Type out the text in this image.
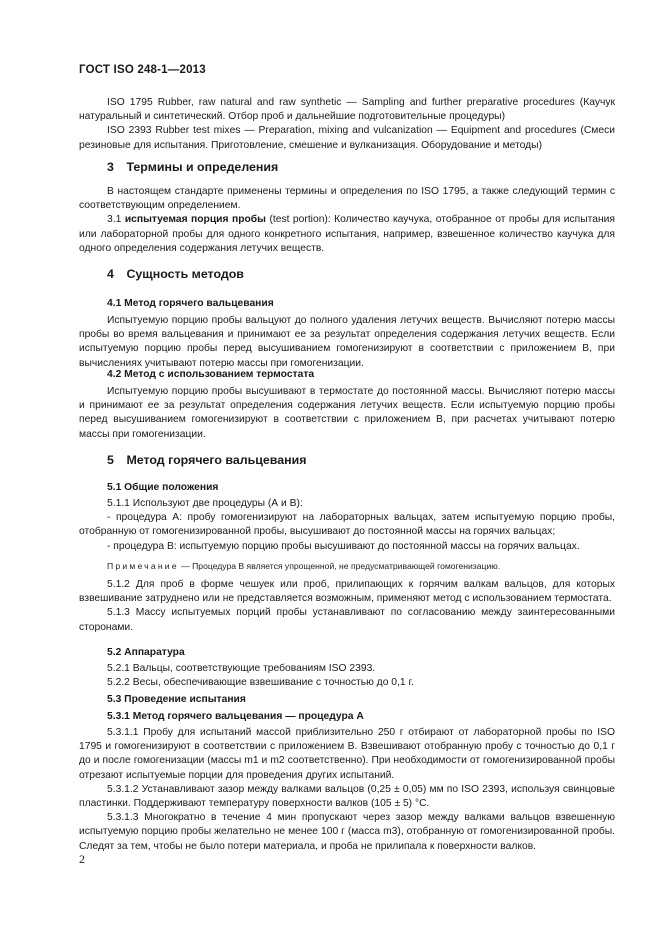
ГОСТ ISO 248-1—2013

ISO 1795 Rubber, raw natural and raw synthetic — Sampling and further preparative procedures (Каучук натуральный и синтетический. Отбор проб и дальнейшие подготовительные процедуры)

ISO 2393 Rubber test mixes — Preparation, mixing and vulcanization — Equipment and procedures (Смеси резиновые для испытания. Приготовление, смешение и вулканизация. Оборудование и методы)

3 Термины и определения

В настоящем стандарте применены термины и определения по ISO 1795, а также следующий термин с соответствующим определением.

3.1 испытуемая порция пробы (test portion): Количество каучука, отобранное от пробы для испытания или лабораторной пробы для одного конкретного испытания, например, взвешенное количество каучука для одного определения содержания летучих веществ.

4 Сущность методов
4.1 Метод горячего вальцевания

Испытуемую порцию пробы вальцуют до полного удаления летучих веществ. Вычисляют потерю массы пробы во время вальцевания и принимают ее за результат определения содержания летучих веществ. Если испытуемую порцию пробы перед высушиванием гомогенизируют в соответствии с приложением В, при вычислениях учитывают потерю массы при гомогенизации.

4.2 Метод с использованием термостата

Испытуемую порцию пробы высушивают в термостате до постоянной массы. Вычисляют потерю массы и принимают ее за результат определения содержания летучих веществ. Если испытуемую порцию пробы перед высушиванием гомогенизируют в соответствии с приложением В, при расчетах учитывают потерю массы при гомогенизации.

5 Метод горячего вальцевания
5.1 Общие положения

5.1.1 Используют две процедуры (А и В):

- процедура А: пробу гомогенизируют на лабораторных вальцах, затем испытуемую порцию пробы, отобранную от гомогенизированной пробы, высушивают до постоянной массы на горячих вальцах;

- процедура В: испытуемую порцию пробы высушивают до постоянной массы на горячих вальцах.

Примечание — Процедура В является упрощенной, не предусматривающей гомогенизацию.

5.1.2 Для проб в форме чешуек или проб, прилипающих к горячим валкам вальцов, для которых взвешивание затруднено или не представляется возможным, применяют метод с использованием термостата.

5.1.3 Массу испытуемых порций пробы устанавливают по согласованию между заинтересованными сторонами.

5.2 Аппаратура

5.2.1 Вальцы, соответствующие требованиям ISO 2393.

5.2.2 Весы, обеспечивающие взвешивание с точностью до 0,1 г.

5.3 Проведение испытания
5.3.1 Метод горячего вальцевания — процедура А

5.3.1.1 Пробу для испытаний массой приблизительно 250 г отбирают от лабораторной пробы по ISO 1795 и гомогенизируют в соответствии с приложением В. Взвешивают отобранную пробу с точностью до 0,1 г до и после гомогенизации (массы m1 и m2 соответственно). При необходимости от гомогенизированной пробы отрезают испытуемые порции для проведения других испытаний.

5.3.1.2 Устанавливают зазор между валками вальцов (0,25 ± 0,05) мм по ISO 2393, используя свинцовые пластинки. Поддерживают температуру поверхности валков (105 ± 5) °С.

5.3.1.3 Многократно в течение 4 мин пропускают через зазор между валками вальцов взвешенную испытуемую порцию пробы желательно не менее 100 г (масса m3), отобранную от гомогенизированной пробы. Следят за тем, чтобы не было потери материала, и проба не прилипала к поверхности валков.

2
